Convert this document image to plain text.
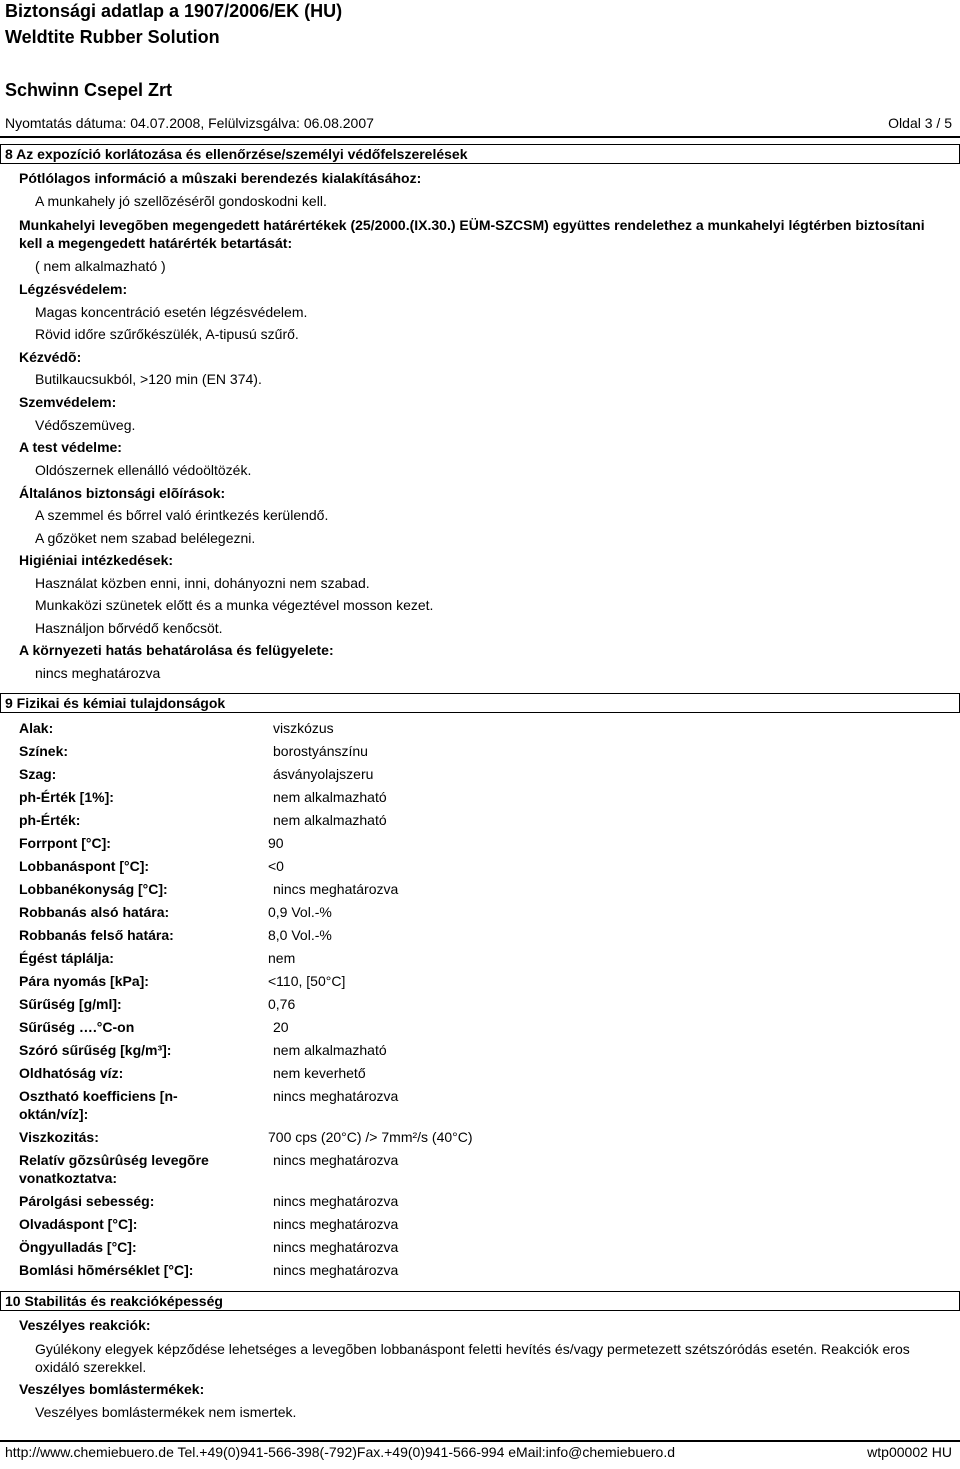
Biztonsági adatlap a 1907/2006/EK (HU)
Weldtite Rubber Solution
Schwinn Csepel Zrt
Nyomtatás dátuma: 04.07.2008, Felülvizsgálva: 06.08.2007	Oldal 3 / 5
8 Az expozíció korlátozása és ellenőrzése/személyi védőfelszerelések
Pótlólagos információ a mûszaki berendezés kialakításához:
A munkahely jó szellõzésérõl gondoskodni kell.
Munkahelyi levegõben megengedett határértékek (25/2000.(IX.30.) EÜM-SZCSM) együttes rendelethez a munkahelyi légtérben biztosítani kell a megengedett határérték betartását:
( nem alkalmazható )
Légzésvédelem:
Magas koncentráció esetén légzésvédelem.
Rövid időre szűrőkészülék, A-tipusú szűrő.
Kézvédõ:
Butilkaucsukból, >120 min (EN 374).
Szemvédelem:
Védőszemüveg.
A test védelme:
Oldószernek ellenálló védoöltözék.
Általános biztonsági elõírások:
A szemmel és bőrrel való érintkezés kerülendő.
A gőzöket nem szabad belélegezni.
Higiéniai intézkedések:
Használat közben enni, inni, dohányozni nem szabad.
Munkaközi szünetek előtt és a munka végeztével mosson kezet.
Használjon bőrvédő kenőcsöt.
A környezeti hatás behatárolása és felügyelete:
nincs meghatározva
9 Fizikai és kémiai tulajdonságok
Alak:	viszkózus
Színek:	borostyánszínu
Szag:	ásványolajszeru
ph-Érték [1%]:	nem alkalmazható
ph-Érték:	nem alkalmazható
Forrpont [°C]:	90
Lobbanáspont [°C]:	<0
Lobbanékonyság [°C]:	nincs meghatározva
Robbanás alsó határa:	0,9 Vol.-%
Robbanás felső határa:	8,0 Vol.-%
Égést táplálja:	nem
Pára nyomás [kPa]:	<110, [50°C]
Sűrűség [g/ml]:	0,76
Sűrűség ….°C-on	20
Szóró sűrűség [kg/m³]:	nem alkalmazható
Oldhatóság víz:	nem keverhető
Osztható koefficiens [n-oktán/víz]:
nincs meghatározva
Viszkozitás:	700 cps (20°C) /> 7mm²/s (40°C)
Relatív gõzsûrûség levegõre vonatkoztatva:
nincs meghatározva
Párolgási sebesség:	nincs meghatározva
Olvadáspont [°C]:	nincs meghatározva
Öngyulladás [°C]:	nincs meghatározva
Bomlási hõmérséklet [°C]:	nincs meghatározva
10 Stabilitás és reakcióképesség
Veszélyes reakciók:
Gyúlékony elegyek képződése lehetséges a levegõben lobbanáspont feletti hevítés és/vagy permetezett szétszóródás esetén. Reakciók eros oxidáló szerekkel.
Veszélyes bomlástermékek:
Veszélyes bomlástermékek nem ismertek.
http://www.chemiebuero.de Tel.+49(0)941-566-398(-792)Fax.+49(0)941-566-994 eMail:info@chemiebuero.d	wtp00002 HU
